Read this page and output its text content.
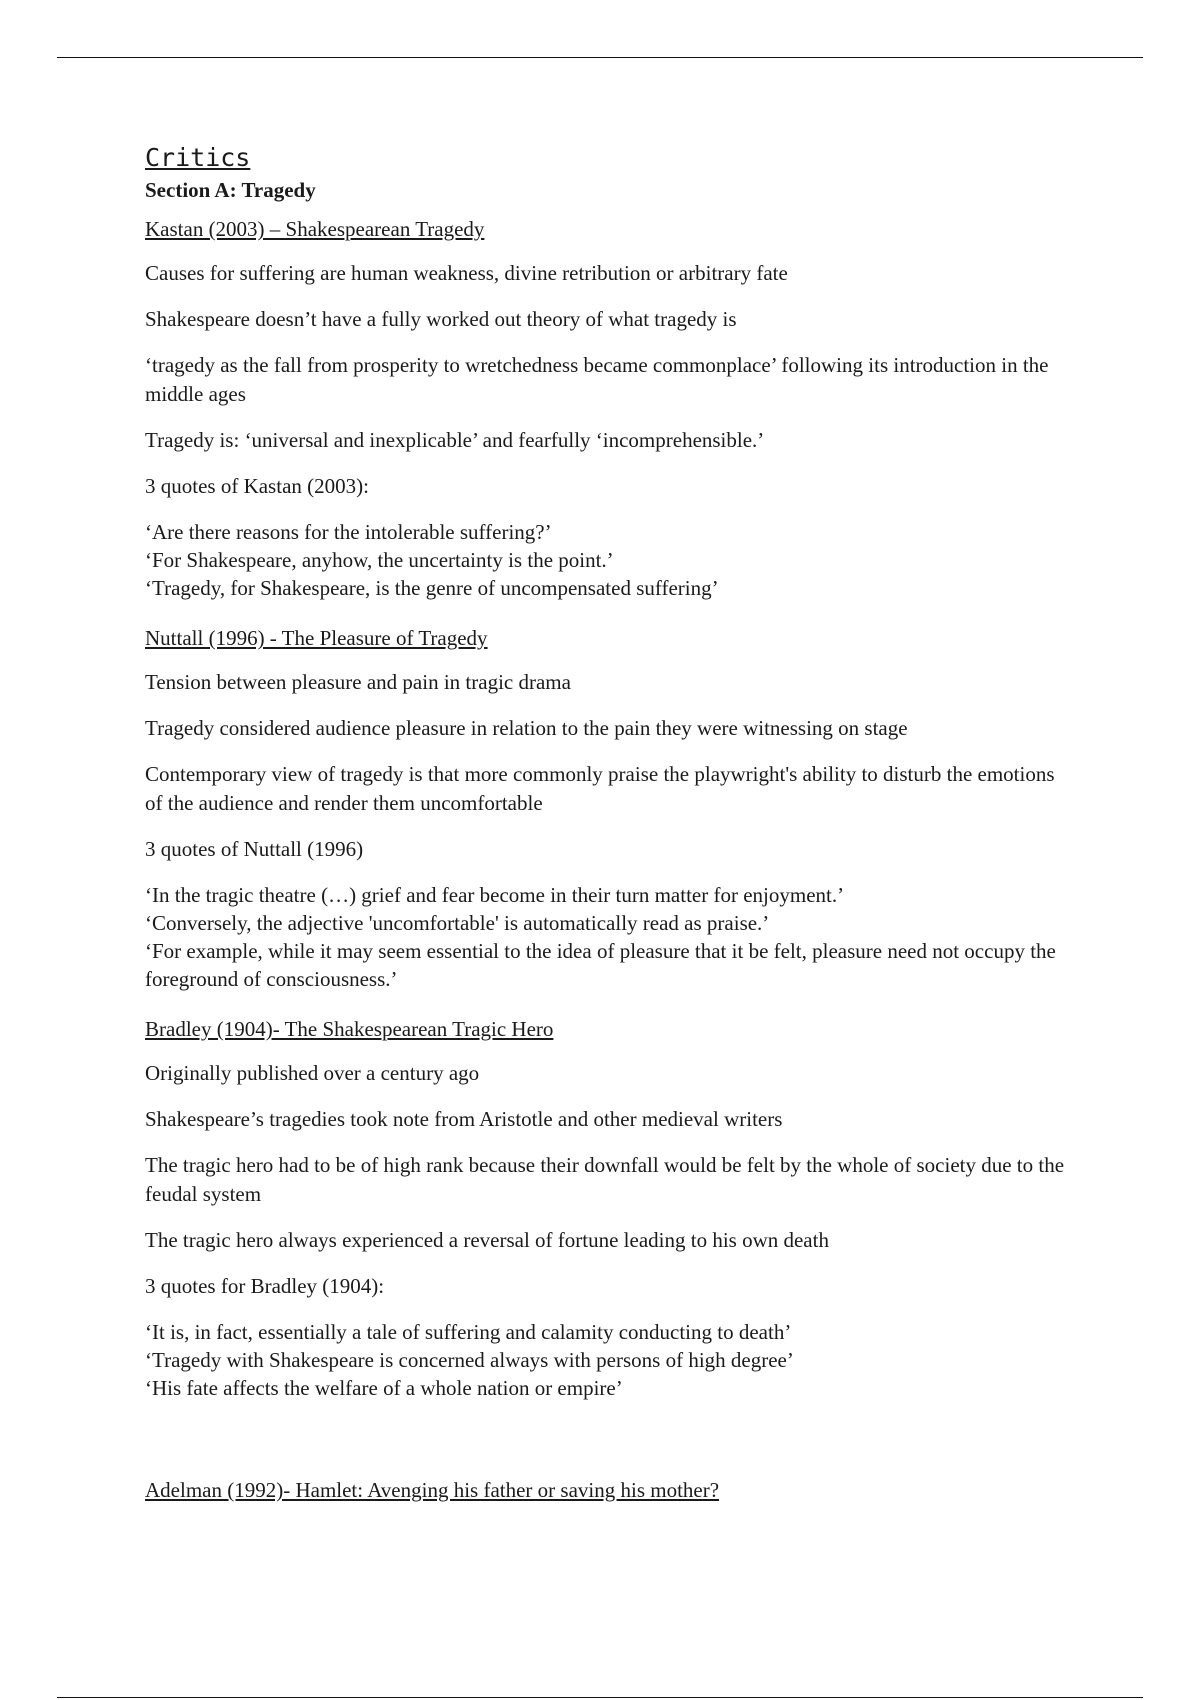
Critics
Section A: Tragedy
Kastan (2003) – Shakespearean Tragedy
Causes for suffering are human weakness, divine retribution or arbitrary fate
Shakespeare doesn’t have a fully worked out theory of what tragedy is
‘tragedy as the fall from prosperity to wretchedness became commonplace’ following its introduction in the middle ages
Tragedy is: ‘universal and inexplicable’ and fearfully ‘incomprehensible.’
3 quotes of Kastan (2003):
‘Are there reasons for the intolerable suffering?’
‘For Shakespeare, anyhow, the uncertainty is the point.’
‘Tragedy, for Shakespeare, is the genre of uncompensated suffering’
Nuttall (1996) - The Pleasure of Tragedy
Tension between pleasure and pain in tragic drama
Tragedy considered audience pleasure in relation to the pain they were witnessing on stage
Contemporary view of tragedy is that more commonly praise the playwright's ability to disturb the emotions of the audience and render them uncomfortable
3 quotes of Nuttall (1996)
‘In the tragic theatre (…) grief and fear become in their turn matter for enjoyment.’
‘Conversely, the adjective 'uncomfortable' is automatically read as praise.’
‘For example, while it may seem essential to the idea of pleasure that it be felt, pleasure need not occupy the foreground of consciousness.’
Bradley (1904)- The Shakespearean Tragic Hero
Originally published over a century ago
Shakespeare’s tragedies took note from Aristotle and other medieval writers
The tragic hero had to be of high rank because their downfall would be felt by the whole of society due to the feudal system
The tragic hero always experienced a reversal of fortune leading to his own death
3 quotes for Bradley (1904):
‘It is, in fact, essentially a tale of suffering and calamity conducting to death’
‘Tragedy with Shakespeare is concerned always with persons of high degree’
‘His fate affects the welfare of a whole nation or empire’
Adelman (1992)- Hamlet: Avenging his father or saving his mother?
